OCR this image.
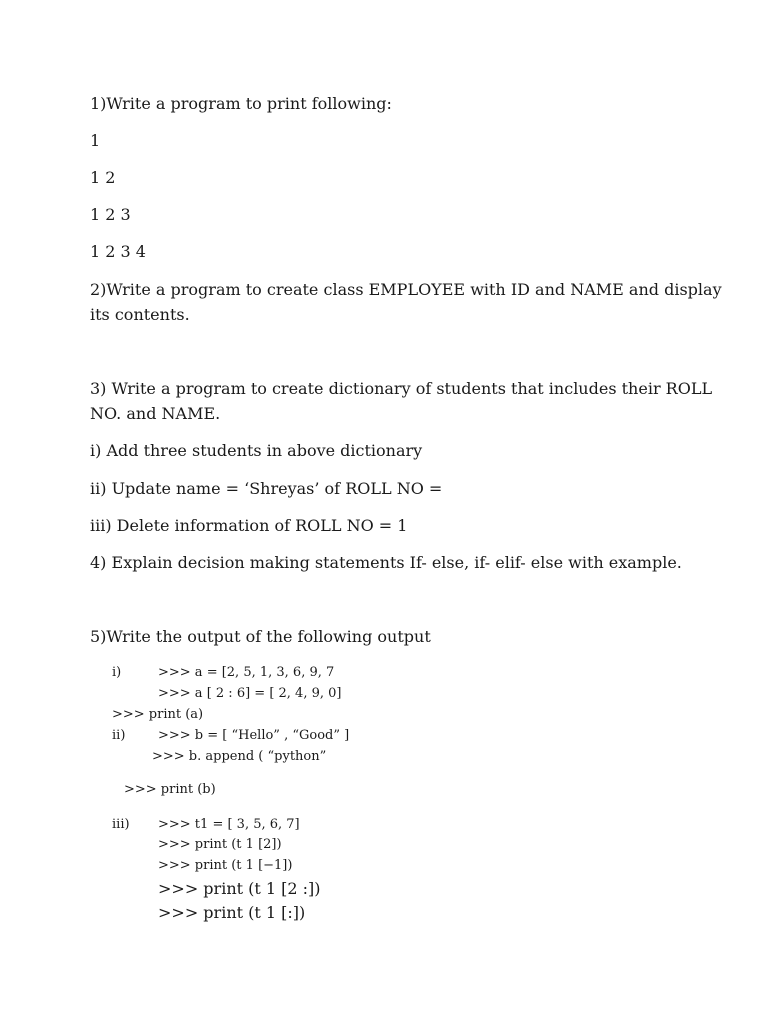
1)Write a program to print following:
1
1 2
1 2 3
1 2 3 4
2)Write a program to create class EMPLOYEE with ID and NAME and display
its contents.
3) Write a program to create dictionary of students that includes their ROLL
NO. and NAME.
i) Add three students in above dictionary
ii) Update name = ‘Shreyas’ of ROLL NO =
iii) Delete information of ROLL NO = 1
4) Explain decision making statements If- else, if- elif- else with example.
5)Write the output of the following output
i)	>>> a = [2, 5, 1, 3, 6, 9, 7
>>> a [ 2 : 6] = [ 2, 4, 9, 0]
>>> print (a)
ii)	>>> b = [ “Hello” , “Good” ]
>>> b. append ( “python”
>>> print (b)
iii) >>> t1 = [ 3, 5, 6, 7]
>>> print (t 1 [2])
>>> print (t 1 [−1])
>>> print (t 1 [2 :])
>>> print (t 1 [:])
